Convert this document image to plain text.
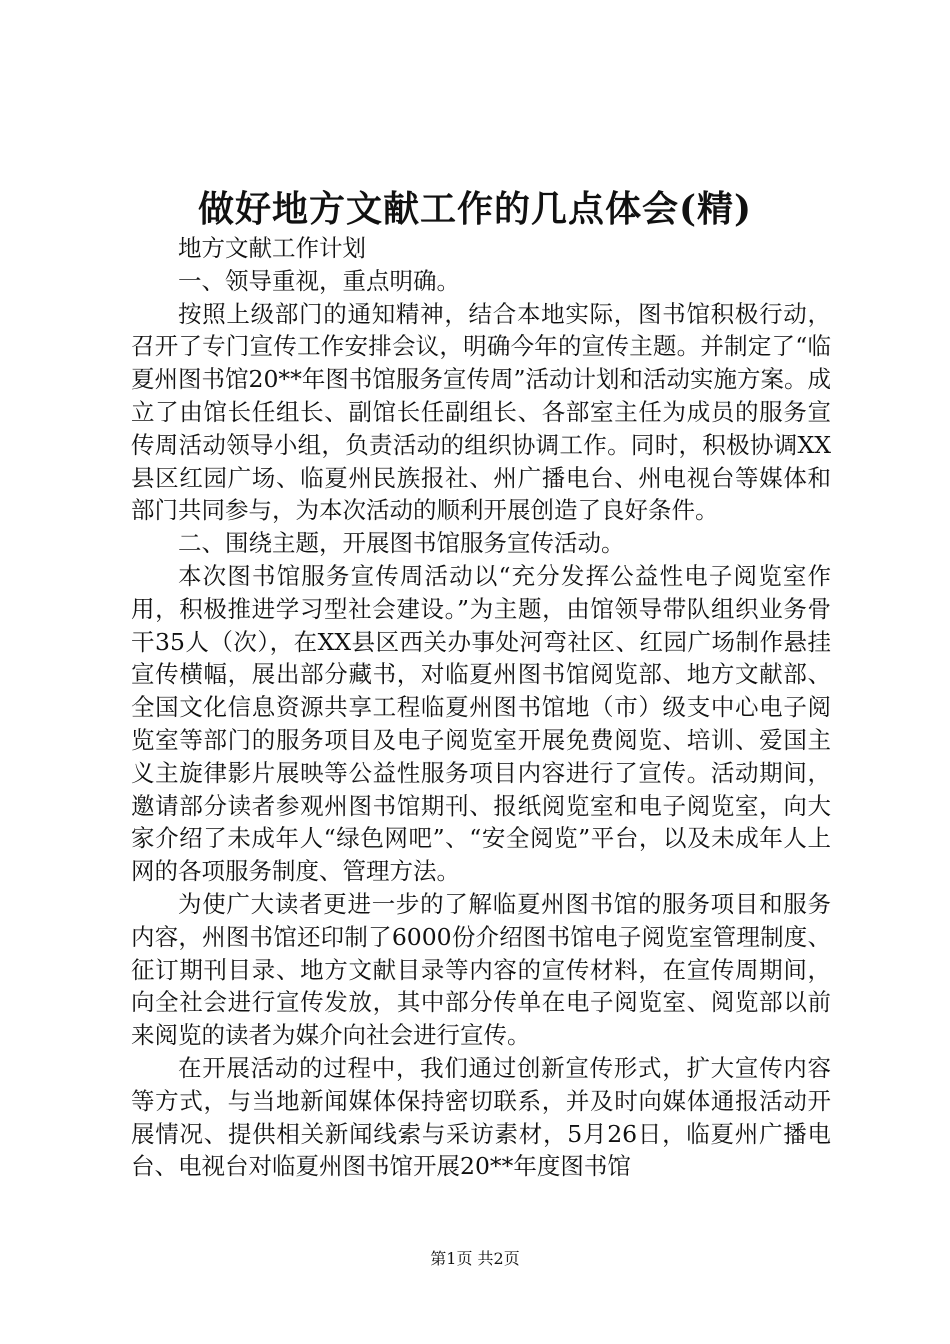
做好地方文献工作的几点体会(精)

地方文献工作计划

一、领导重视，重点明确。

按照上级部门的通知精神，结合本地实际，图书馆积极行动，召开了专门宣传工作安排会议，明确今年的宣传主题。并制定了“临夏州图书馆20**年图书馆服务宣传周”活动计划和活动实施方案。成立了由馆长任组长、副馆长任副组长、各部室主任为成员的服务宣传周活动领导小组，负责活动的组织协调工作。同时，积极协调XX县区红园广场、临夏州民族报社、州广播电台、州电视台等媒体和部门共同参与，为本次活动的顺利开展创造了良好条件。

二、围绕主题，开展图书馆服务宣传活动。

本次图书馆服务宣传周活动以“充分发挥公益性电子阅览室作用，积极推进学习型社会建设。”为主题，由馆领导带队组织业务骨干35人（次），在XX县区西关办事处河弯社区、红园广场制作悬挂宣传横幅，展出部分藏书，对临夏州图书馆阅览部、地方文献部、全国文化信息资源共享工程临夏州图书馆地（市）级支中心电子阅览室等部门的服务项目及电子阅览室开展免费阅览、培训、爱国主义主旋律影片展映等公益性服务项目内容进行了宣传。活动期间，邀请部分读者参观州图书馆期刊、报纸阅览室和电子阅览室，向大家介绍了未成年人“绿色网吧”、“安全阅览”平台，以及未成年人上网的各项服务制度、管理方法。

为使广大读者更进一步的了解临夏州图书馆的服务项目和服务内容，州图书馆还印制了6000份介绍图书馆电子阅览室管理制度、征订期刊目录、地方文献目录等内容的宣传材料，在宣传周期间，向全社会进行宣传发放，其中部分传单在电子阅览室、阅览部以前来阅览的读者为媒介向社会进行宣传。

在开展活动的过程中，我们通过创新宣传形式，扩大宣传内容等方式，与当地新闻媒体保持密切联系，并及时向媒体通报活动开展情况、提供相关新闻线索与采访素材，5月26日，临夏州广播电台、电视台对临夏州图书馆开展20**年度图书馆

第1页 共2页
